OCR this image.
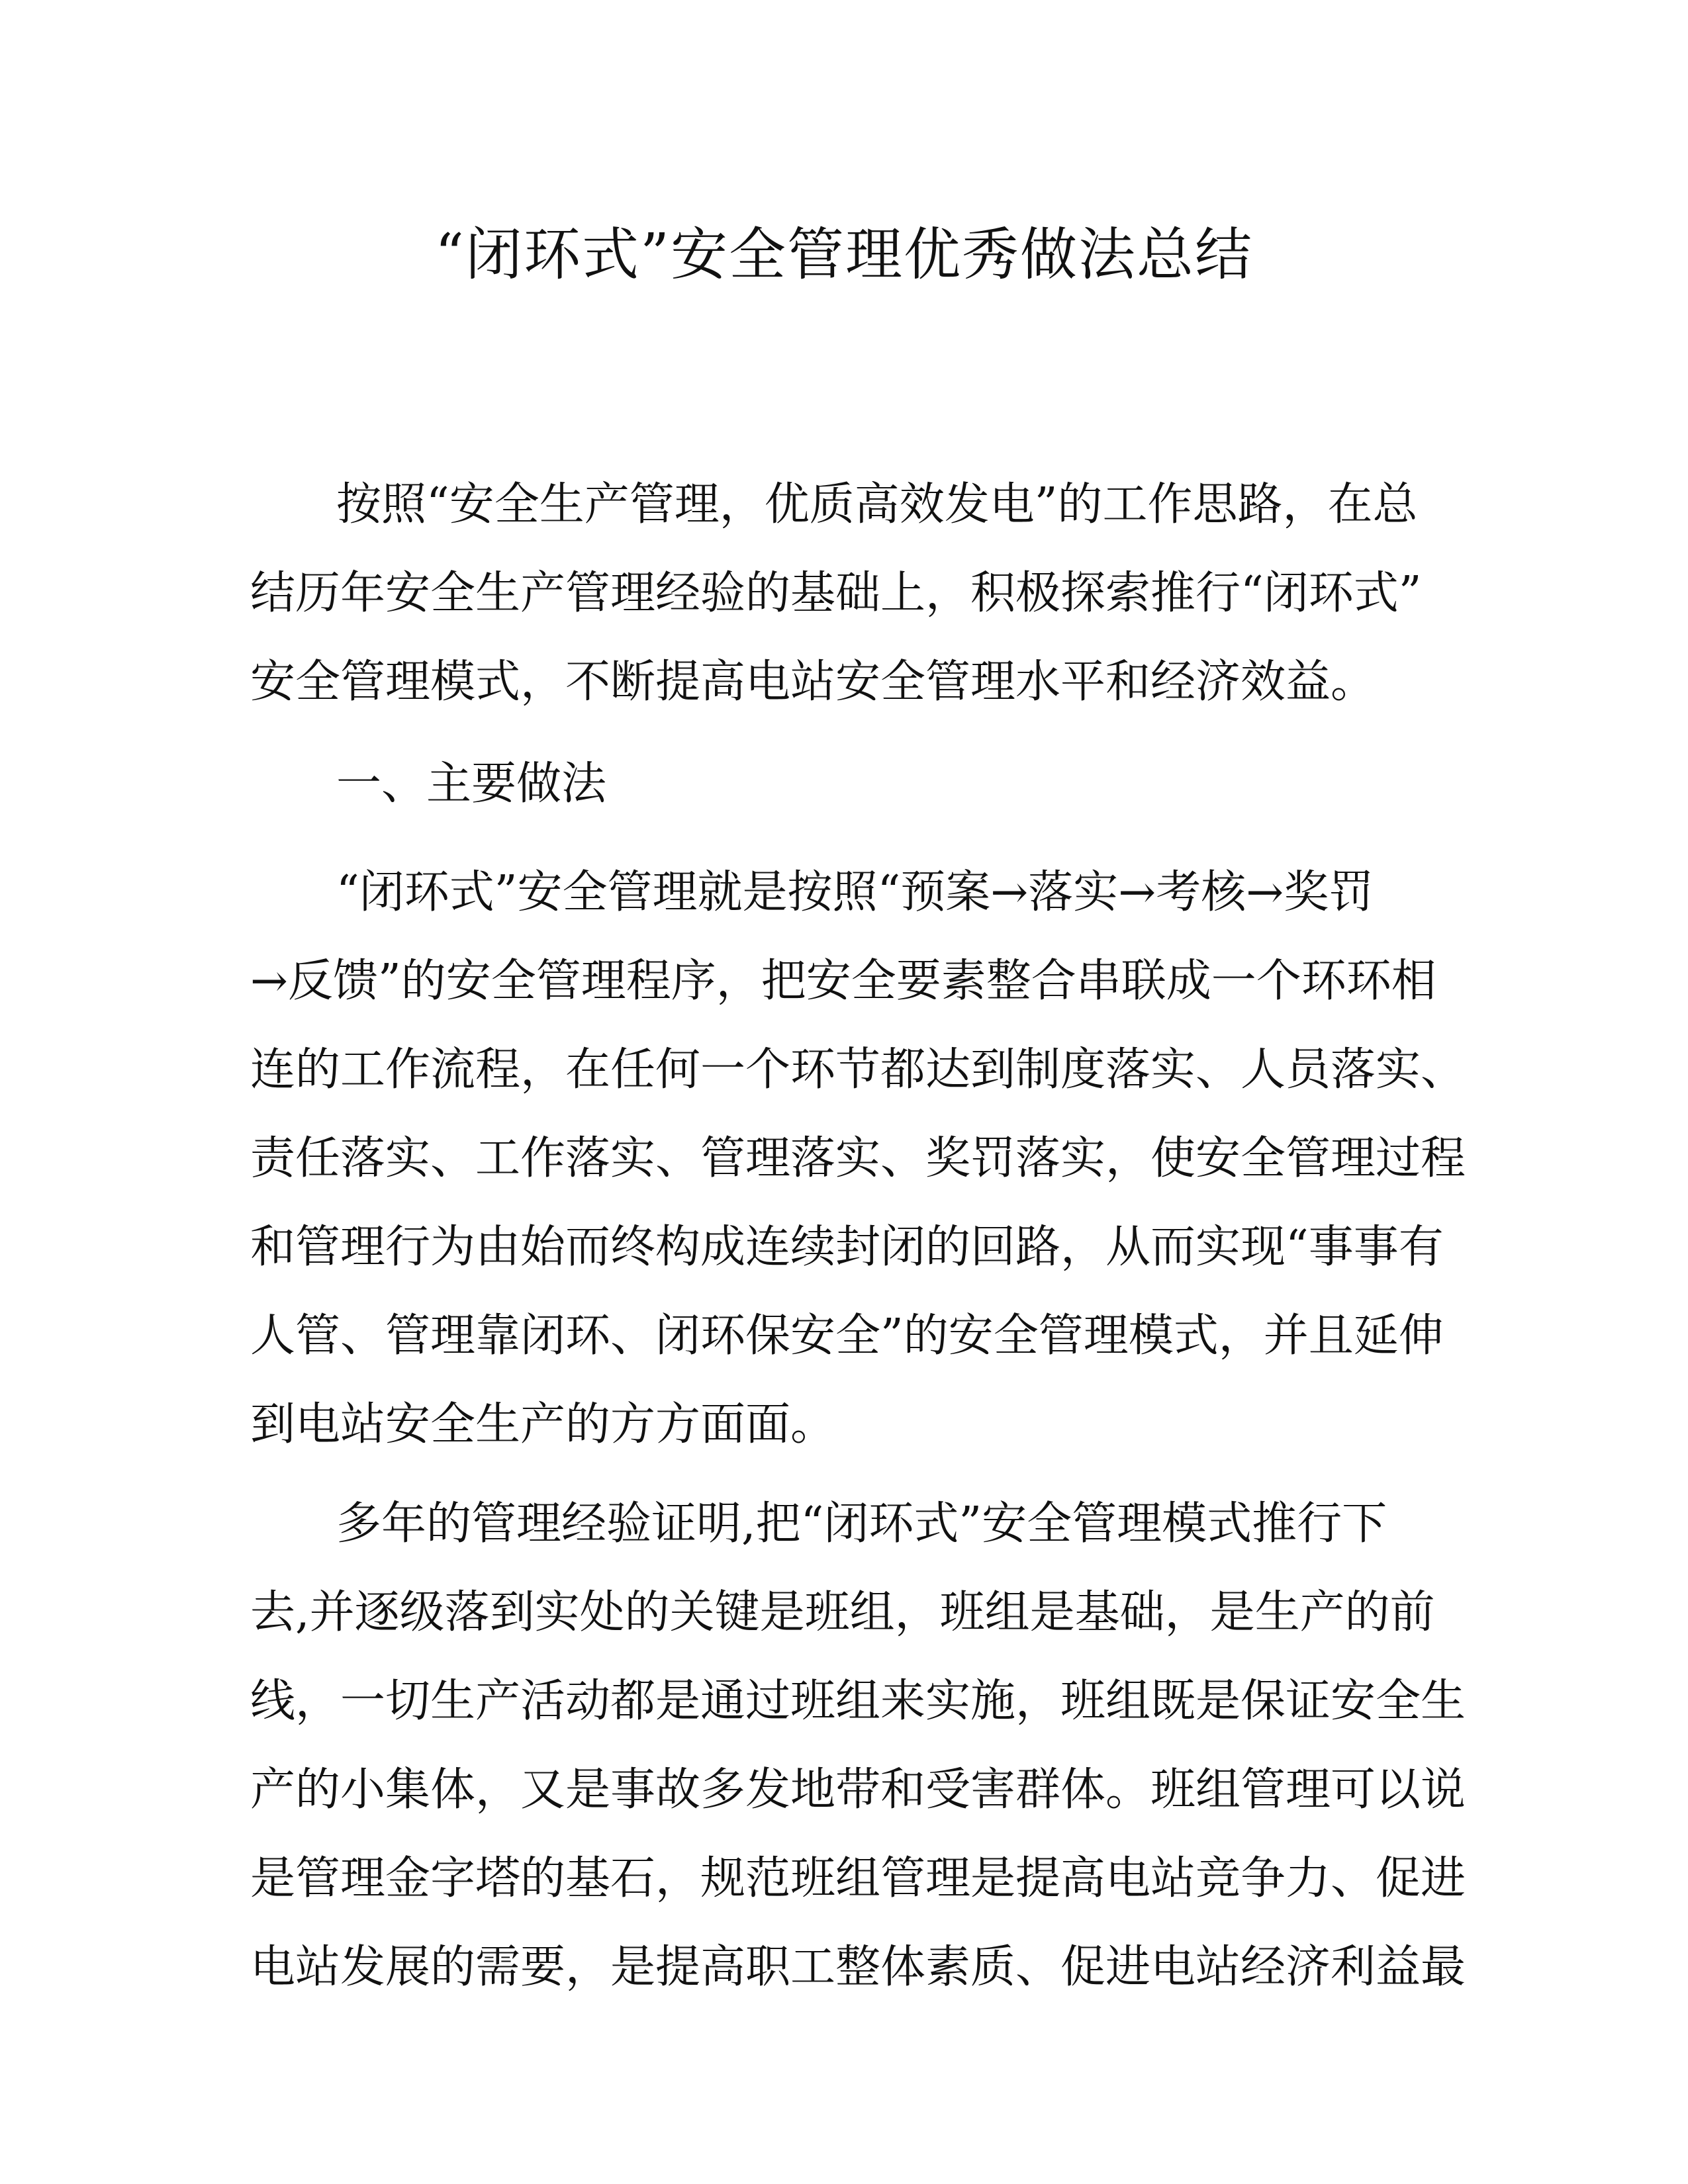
“闭环式”安全管理优秀做法总结
按照“安全生产管理，优质高效发电”的工作思路，在总
结历年安全生产管理经验的基础上，积极探索推行“闭环式”
安全管理模式，不断提高电站安全管理水平和经济效益。
一、主要做法
“闭环式”安全管理就是按照“预案→落实→考核→奖罚
→反馈”的安全管理程序，把安全要素整合串联成一个环环相
连的工作流程，在任何一个环节都达到制度落实、人员落实、
责任落实、工作落实、管理落实、奖罚落实，使安全管理过程
和管理行为由始而终构成连续封闭的回路，从而实现“事事有
人管、管理靠闭环、闭环保安全”的安全管理模式，并且延伸
到电站安全生产的方方面面。
多年的管理经验证明,把“闭环式”安全管理模式推行下
去,并逐级落到实处的关键是班组，班组是基础，是生产的前
线，一切生产活动都是通过班组来实施，班组既是保证安全生
产的小集体，又是事故多发地带和受害群体。班组管理可以说
是管理金字塔的基石，规范班组管理是提高电站竞争力、促进
电站发展的需要，是提高职工整体素质、促进电站经济利益最
